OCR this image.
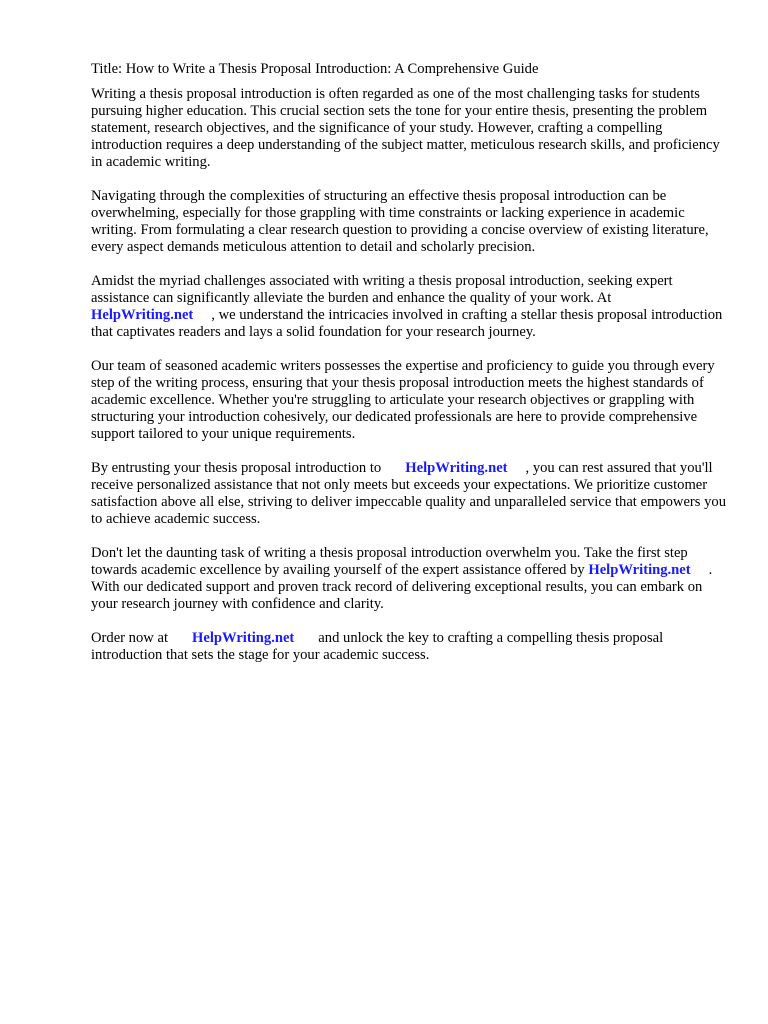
Title: How to Write a Thesis Proposal Introduction: A Comprehensive Guide

Writing a thesis proposal introduction is often regarded as one of the most challenging tasks for students pursuing higher education. This crucial section sets the tone for your entire thesis, presenting the problem statement, research objectives, and the significance of your study. However, crafting a compelling introduction requires a deep understanding of the subject matter, meticulous research skills, and proficiency in academic writing.

Navigating through the complexities of structuring an effective thesis proposal introduction can be overwhelming, especially for those grappling with time constraints or lacking experience in academic writing. From formulating a clear research question to providing a concise overview of existing literature, every aspect demands meticulous attention to detail and scholarly precision.

Amidst the myriad challenges associated with writing a thesis proposal introduction, seeking expert assistance can significantly alleviate the burden and enhance the quality of your work. At
HelpWriting.net , we understand the intricacies involved in crafting a stellar thesis proposal introduction that captivates readers and lays a solid foundation for your research journey.

Our team of seasoned academic writers possesses the expertise and proficiency to guide you through every step of the writing process, ensuring that your thesis proposal introduction meets the highest standards of academic excellence. Whether you're struggling to articulate your research objectives or grappling with structuring your introduction cohesively, our dedicated professionals are here to provide comprehensive support tailored to your unique requirements.

By entrusting your thesis proposal introduction to HelpWriting.net , you can rest assured that you'll receive personalized assistance that not only meets but exceeds your expectations. We prioritize customer satisfaction above all else, striving to deliver impeccable quality and unparalleled service that empowers you to achieve academic success.

Don't let the daunting task of writing a thesis proposal introduction overwhelm you. Take the first step towards academic excellence by availing yourself of the expert assistance offered by HelpWriting.net . With our dedicated support and proven track record of delivering exceptional results, you can embark on your research journey with confidence and clarity.

Order now at HelpWriting.net and unlock the key to crafting a compelling thesis proposal introduction that sets the stage for your academic success.
